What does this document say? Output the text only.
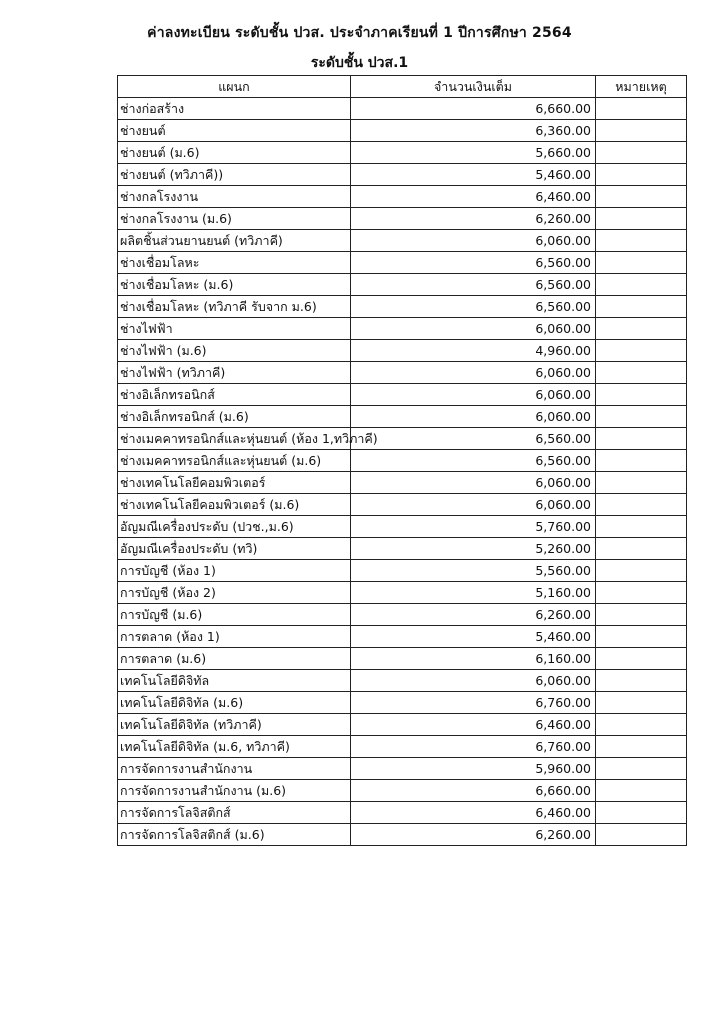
ค่าลงทะเบียน ระดับชั้น ปวส. ประจำภาคเรียนที่ 1 ปีการศึกษา 2564
ระดับชั้น ปวส.1
แผนก	จำนวนเงินเต็ม	หมายเหตุ
ช่างก่อสร้าง	6,660.00	
ช่างยนต์	6,360.00	
ช่างยนต์ (ม.6)	5,660.00	
ช่างยนต์ (ทวิภาคี))	5,460.00	
ช่างกลโรงงาน	6,460.00	
ช่างกลโรงงาน (ม.6)	6,260.00	
ผลิตชิ้นส่วนยานยนต์ (ทวิภาคี)	6,060.00	
ช่างเชื่อมโลหะ	6,560.00	
ช่างเชื่อมโลหะ (ม.6)	6,560.00	
ช่างเชื่อมโลหะ (ทวิภาคี รับจาก ม.6)	6,560.00	
ช่างไฟฟ้า	6,060.00	
ช่างไฟฟ้า (ม.6)	4,960.00	
ช่างไฟฟ้า (ทวิภาคี)	6,060.00	
ช่างอิเล็กทรอนิกส์	6,060.00	
ช่างอิเล็กทรอนิกส์ (ม.6)	6,060.00	
ช่างเมคคาทรอนิกส์และหุ่นยนต์ (ห้อง 1,ทวิภาคี)	6,560.00	
ช่างเมคคาทรอนิกส์และหุ่นยนต์ (ม.6)	6,560.00	
ช่างเทคโนโลยีคอมพิวเตอร์	6,060.00	
ช่างเทคโนโลยีคอมพิวเตอร์ (ม.6)	6,060.00	
อัญมณีเครื่องประดับ (ปวช.,ม.6)	5,760.00	
อัญมณีเครื่องประดับ (ทวิ)	5,260.00	
การบัญชี (ห้อง 1)	5,560.00	
การบัญชี (ห้อง 2)	5,160.00	
การบัญชี (ม.6)	6,260.00	
การตลาด (ห้อง 1)	5,460.00	
การตลาด (ม.6)	6,160.00	
เทคโนโลยีดิจิทัล	6,060.00	
เทคโนโลยีดิจิทัล (ม.6)	6,760.00	
เทคโนโลยีดิจิทัล (ทวิภาคี)	6,460.00	
เทคโนโลยีดิจิทัล (ม.6, ทวิภาคี)	6,760.00	
การจัดการงานสำนักงาน	5,960.00	
การจัดการงานสำนักงาน (ม.6)	6,660.00	
การจัดการโลจิสติกส์	6,460.00	
การจัดการโลจิสติกส์ (ม.6)	6,260.00	
